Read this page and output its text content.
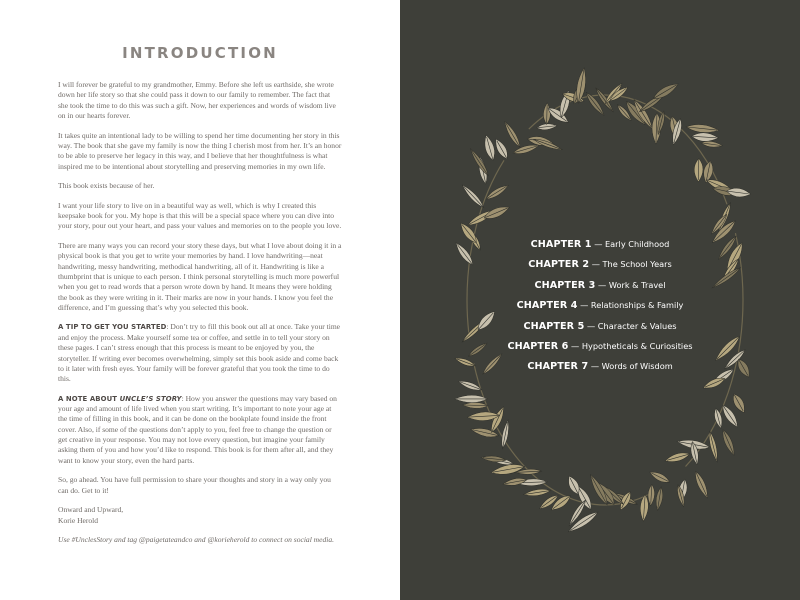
INTRODUCTION

I will forever be grateful to my grandmother, Emmy. Before she left us earthside, she wrote down her life story so that she could pass it down to our family to remember. The fact that she took the time to do this was such a gift. Now, her experiences and words of wisdom live on in our hearts forever.

It takes quite an intentional lady to be willing to spend her time documenting her story in this way. The book that she gave my family is now the thing I cherish most from her. It’s an honor to be able to preserve her legacy in this way, and I believe that her thoughtfulness is what inspired me to be intentional about storytelling and preserving memories in my own life.

This book exists because of her.

I want your life story to live on in a beautiful way as well, which is why I created this keepsake book for you. My hope is that this will be a special space where you can dive into your story, pour out your heart, and pass your values and memories on to the people you love.

There are many ways you can record your story these days, but what I love about doing it in a physical book is that you get to write your memories by hand. I love handwriting—neat handwriting, messy handwriting, methodical handwriting, all of it. Handwriting is like a thumbprint that is unique to each person. I think personal storytelling is much more powerful when you get to read words that a person wrote down by hand. It means they were holding the book as they were writing in it. Their marks are now in your hands. I know you feel the difference, and I’m guessing that’s why you selected this book.

A TIP TO GET YOU STARTED: Don’t try to fill this book out all at once. Take your time and enjoy the process. Make yourself some tea or coffee, and settle in to tell your story on these pages. I can’t stress enough that this process is meant to be enjoyed by you, the storyteller. If writing ever becomes overwhelming, simply set this book aside and come back to it later with fresh eyes. Your family will be forever grateful that you took the time to do this.

A NOTE ABOUT UNCLE’S STORY: How you answer the questions may vary based on your age and amount of life lived when you start writing. It’s important to note your age at the time of filling in this book, and it can be done on the bookplate found inside the front cover. Also, if some of the questions don’t apply to you, feel free to change the question or get creative in your response. You may not love every question, but imagine your family asking them of you and how you’d like to respond. This book is for them after all, and they want to know your story, even the hard parts.

So, go ahead. You have full permission to share your thoughts and story in a way only you can do. Get to it!

Onward and Upward,
Korie Herold

Use #UnclesStory and tag @paigetateandco and @korieherold to connect on social media.

CHAPTER 1 — Early Childhood
CHAPTER 2 — The School Years
CHAPTER 3 — Work & Travel
CHAPTER 4 — Relationships & Family
CHAPTER 5 — Character & Values
CHAPTER 6 — Hypotheticals & Curiosities
CHAPTER 7 — Words of Wisdom
